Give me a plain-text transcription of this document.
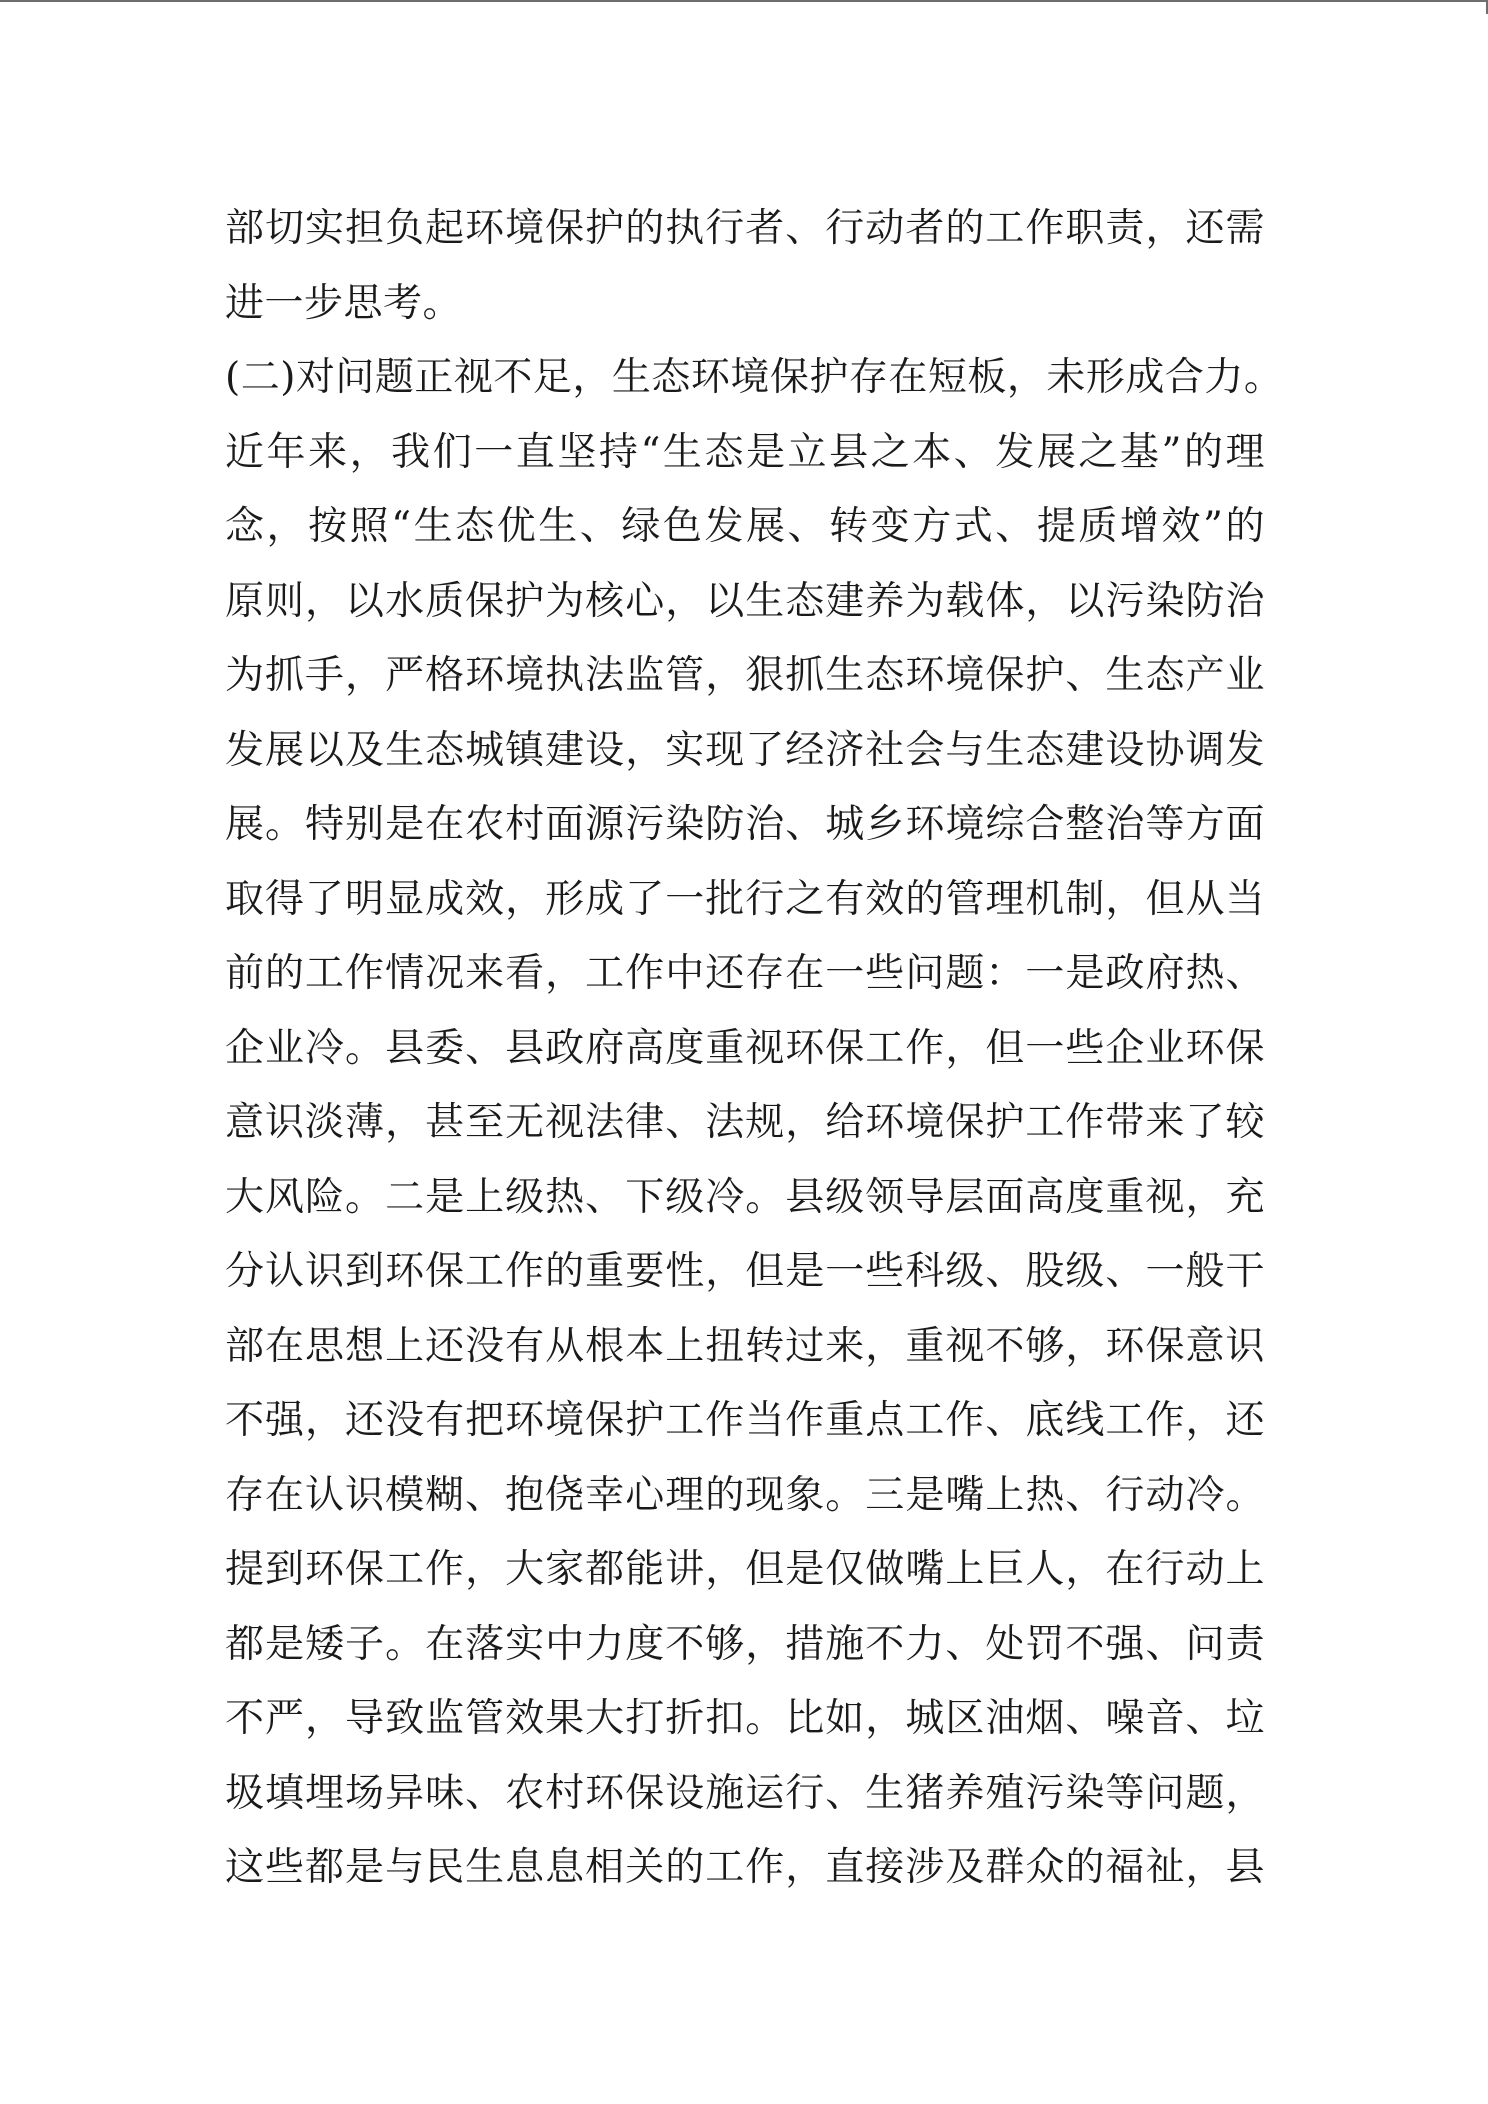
部切实担负起环境保护的执行者、行动者的工作职责，还需
进一步思考。
(二)对问题正视不足，生态环境保护存在短板，未形成合力。
近年来，我们一直坚持“生态是立县之本、发展之基”的理
念，按照“生态优生、绿色发展、转变方式、提质增效”的
原则，以水质保护为核心，以生态建养为载体，以污染防治
为抓手，严格环境执法监管，狠抓生态环境保护、生态产业
发展以及生态城镇建设，实现了经济社会与生态建设协调发
展。特别是在农村面源污染防治、城乡环境综合整治等方面
取得了明显成效，形成了一批行之有效的管理机制，但从当
前的工作情况来看，工作中还存在一些问题：一是政府热、
企业冷。县委、县政府高度重视环保工作，但一些企业环保
意识淡薄，甚至无视法律、法规，给环境保护工作带来了较
大风险。二是上级热、下级冷。县级领导层面高度重视，充
分认识到环保工作的重要性，但是一些科级、股级、一般干
部在思想上还没有从根本上扭转过来，重视不够，环保意识
不强，还没有把环境保护工作当作重点工作、底线工作，还
存在认识模糊、抱侥幸心理的现象。三是嘴上热、行动冷。
提到环保工作，大家都能讲，但是仅做嘴上巨人，在行动上
都是矮子。在落实中力度不够，措施不力、处罚不强、问责
不严，导致监管效果大打折扣。比如，城区油烟、噪音、垃
圾填埋场异味、农村环保设施运行、生猪养殖污染等问题，
这些都是与民生息息相关的工作，直接涉及群众的福祉，县
